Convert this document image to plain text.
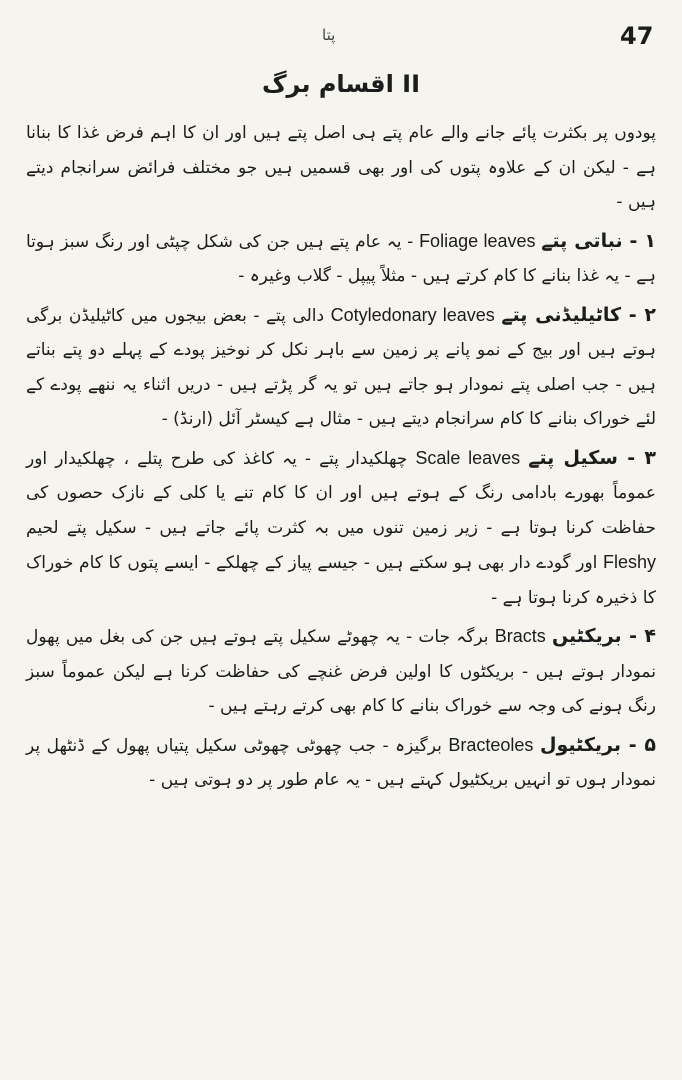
پتا	47
II اقسام برگ

پودوں پر بکثرت پائے جانے والے عام پتے ہی اصل پتے ہیں اور ان کا اہم فرض غذا کا بنانا ہے - لیکن ان کے علاوہ پتوں کی اور بھی قسمیں ہیں جو مختلف فرائض سرانجام دیتے ہیں -

۱ - نباتی پتے Foliage leaves - یہ عام پتے ہیں جن کی شکل چپٹی اور رنگ سبز ہوتا ہے - یہ غذا بنانے کا کام کرتے ہیں - مثلاً پیپل - گلاب وغیرہ -

۲ - کاٹیلیڈنی پتے Cotyledonary leaves دالی پتے - بعض بیجوں میں کاٹیلیڈن برگی ہوتے ہیں اور بیج کے نمو پانے پر زمین سے باہر نکل کر نوخیز پودے کے پہلے دو پتے بناتے ہیں - جب اصلی پتے نمودار ہو جاتے ہیں تو یہ گر پڑتے ہیں - دریں اثناء یہ ننھے پودے کے لئے خوراک بنانے کا کام سرانجام دیتے ہیں - مثال ہے کیسٹر آئل (ارنڈ) -

۳ - سکیل پتے Scale leaves چھلکیدار پتے - یہ کاغذ کی طرح پتلے ، چھلکیدار اور عموماً بھورے بادامی رنگ کے ہوتے ہیں اور ان کا کام تنے یا کلی کے نازک حصوں کی حفاظت کرنا ہوتا ہے - زیر زمین تنوں میں بہ کثرت پائے جاتے ہیں - سکیل پتے لحیم Fleshy اور گودے دار بھی ہو سکتے ہیں - جیسے پیاز کے چھلکے - ایسے پتوں کا کام خوراک کا ذخیرہ کرنا ہوتا ہے -

۴ - بریکٹیں Bracts برگہ جات - یہ چھوٹے سکیل پتے ہوتے ہیں جن کی بغل میں پھول نمودار ہوتے ہیں - بریکٹوں کا اولین فرض غنچے کی حفاظت کرنا ہے لیکن عموماً سبز رنگ ہونے کی وجہ سے خوراک بنانے کا کام بھی کرتے رہتے ہیں -

۵ - بریکٹیول Bracteoles برگیزہ - جب چھوٹی چھوٹی سکیل پتیاں پھول کے ڈنٹھل پر نمودار ہوں تو انہیں بریکٹیول کہتے ہیں - یہ عام طور پر دو ہوتی ہیں -
